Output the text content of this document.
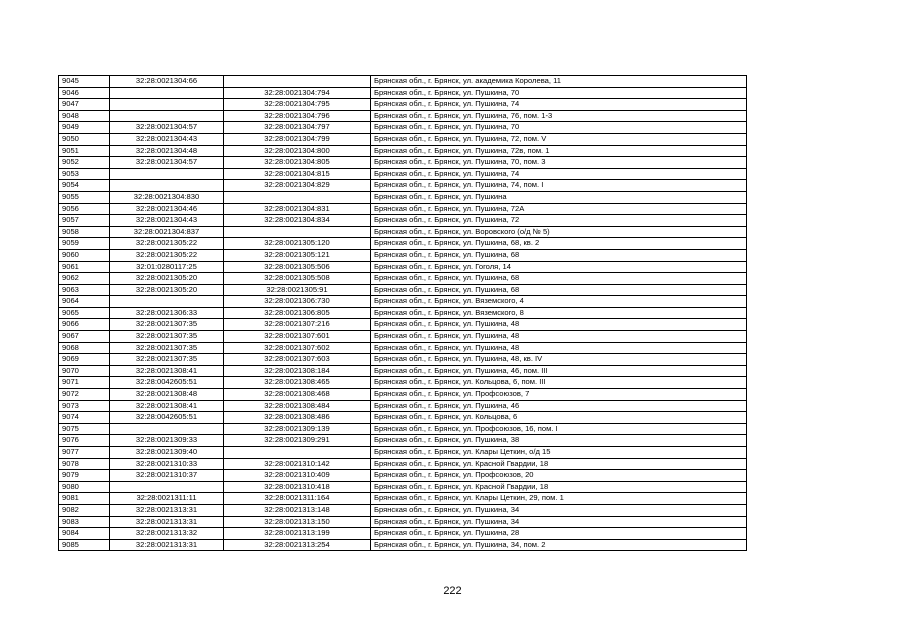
9045	32:28:0021304:66		Брянская обл., г. Брянск, ул. академика Королева, 11
9046		32:28:0021304:794	Брянская обл., г. Брянск, ул. Пушкина, 70
9047		32:28:0021304:795	Брянская обл., г. Брянск, ул. Пушкина, 74
9048		32:28:0021304:796	Брянская обл., г. Брянск, ул. Пушкина, 76, пом. 1-3
9049	32:28:0021304:57	32:28:0021304:797	Брянская обл., г. Брянск, ул. Пушкина, 70
9050	32:28:0021304:43	32:28:0021304:799	Брянская обл., г. Брянск, ул. Пушкина, 72, пом. V
9051	32:28:0021304:48	32:28:0021304:800	Брянская обл., г. Брянск, ул. Пушкина, 72в, пом. 1
9052	32:28:0021304:57	32:28:0021304:805	Брянская обл., г. Брянск, ул. Пушкина, 70, пом. 3
9053		32:28:0021304:815	Брянская обл., г. Брянск, ул. Пушкина, 74
9054		32:28:0021304:829	Брянская обл., г. Брянск, ул. Пушкина, 74, пом. I
9055	32:28:0021304:830		Брянская обл., г. Брянск, ул. Пушкина
9056	32:28:0021304:46	32:28:0021304:831	Брянская обл., г. Брянск, ул. Пушкина, 72А
9057	32:28:0021304:43	32:28:0021304:834	Брянская обл., г. Брянск, ул. Пушкина, 72
9058	32:28:0021304:837		Брянская обл., г. Брянск, ул. Воровского (о/д № 5)
9059	32:28:0021305:22	32:28:0021305:120	Брянская обл., г. Брянск, ул. Пушкина, 68, кв. 2
9060	32:28:0021305:22	32:28:0021305:121	Брянская обл., г. Брянск, ул. Пушкина, 68
9061	32:01:0280117:25	32:28:0021305:506	Брянская обл., г. Брянск, ул. Гоголя, 14
9062	32:28:0021305:20	32:28:0021305:508	Брянская обл., г. Брянск, ул. Пушкина, 68
9063	32:28:0021305:20	32:28:0021305:91	Брянская обл., г. Брянск, ул. Пушкина, 68
9064		32:28:0021306:730	Брянская обл., г. Брянск, ул. Вяземского, 4
9065	32:28:0021306:33	32:28:0021306:805	Брянская обл., г. Брянск, ул. Вяземского, 8
9066	32:28:0021307:35	32:28:0021307:216	Брянская обл., г. Брянск, ул. Пушкина, 48
9067	32:28:0021307:35	32:28:0021307:601	Брянская обл., г. Брянск, ул. Пушкина, 48
9068	32:28:0021307:35	32:28:0021307:602	Брянская обл., г. Брянск, ул. Пушкина, 48
9069	32:28:0021307:35	32:28:0021307:603	Брянская обл., г. Брянск, ул. Пушкина, 48, кв. IV
9070	32:28:0021308:41	32:28:0021308:184	Брянская обл., г. Брянск, ул. Пушкина, 46, пом. III
9071	32:28:0042605:51	32:28:0021308:465	Брянская обл., г. Брянск, ул. Кольцова, 6, пом. III
9072	32:28:0021308:48	32:28:0021308:468	Брянская обл., г. Брянск, ул. Профсоюзов, 7
9073	32:28:0021308:41	32:28:0021308:484	Брянская обл., г. Брянск, ул. Пушкина, 46
9074	32:28:0042605:51	32:28:0021308:486	Брянская обл., г. Брянск, ул. Кольцова, 6
9075		32:28:0021309:139	Брянская обл., г. Брянск, ул. Профсоюзов, 16, пом. I
9076	32:28:0021309:33	32:28:0021309:291	Брянская обл., г. Брянск, ул. Пушкина, 38
9077	32:28:0021309:40		Брянская обл., г. Брянск, ул. Клары Цеткин, о/д 15
9078	32:28:0021310:33	32:28:0021310:142	Брянская обл., г. Брянск, ул. Красной Гвардии, 18
9079	32:28:0021310:37	32:28:0021310:409	Брянская обл., г. Брянск, ул. Профсоюзов, 20
9080		32:28:0021310:418	Брянская обл., г. Брянск, ул. Красной Гвардии, 18
9081	32:28:0021311:11	32:28:0021311:164	Брянская обл., г. Брянск, ул. Клары Цеткин, 29, пом. 1
9082	32:28:0021313:31	32:28:0021313:148	Брянская обл., г. Брянск, ул. Пушкина, 34
9083	32:28:0021313:31	32:28:0021313:150	Брянская обл., г. Брянск, ул. Пушкина, 34
9084	32:28:0021313:32	32:28:0021313:199	Брянская обл., г. Брянск, ул. Пушкина, 28
9085	32:28:0021313:31	32:28:0021313:254	Брянская обл., г. Брянск, ул. Пушкина, 34, пом. 2
222
